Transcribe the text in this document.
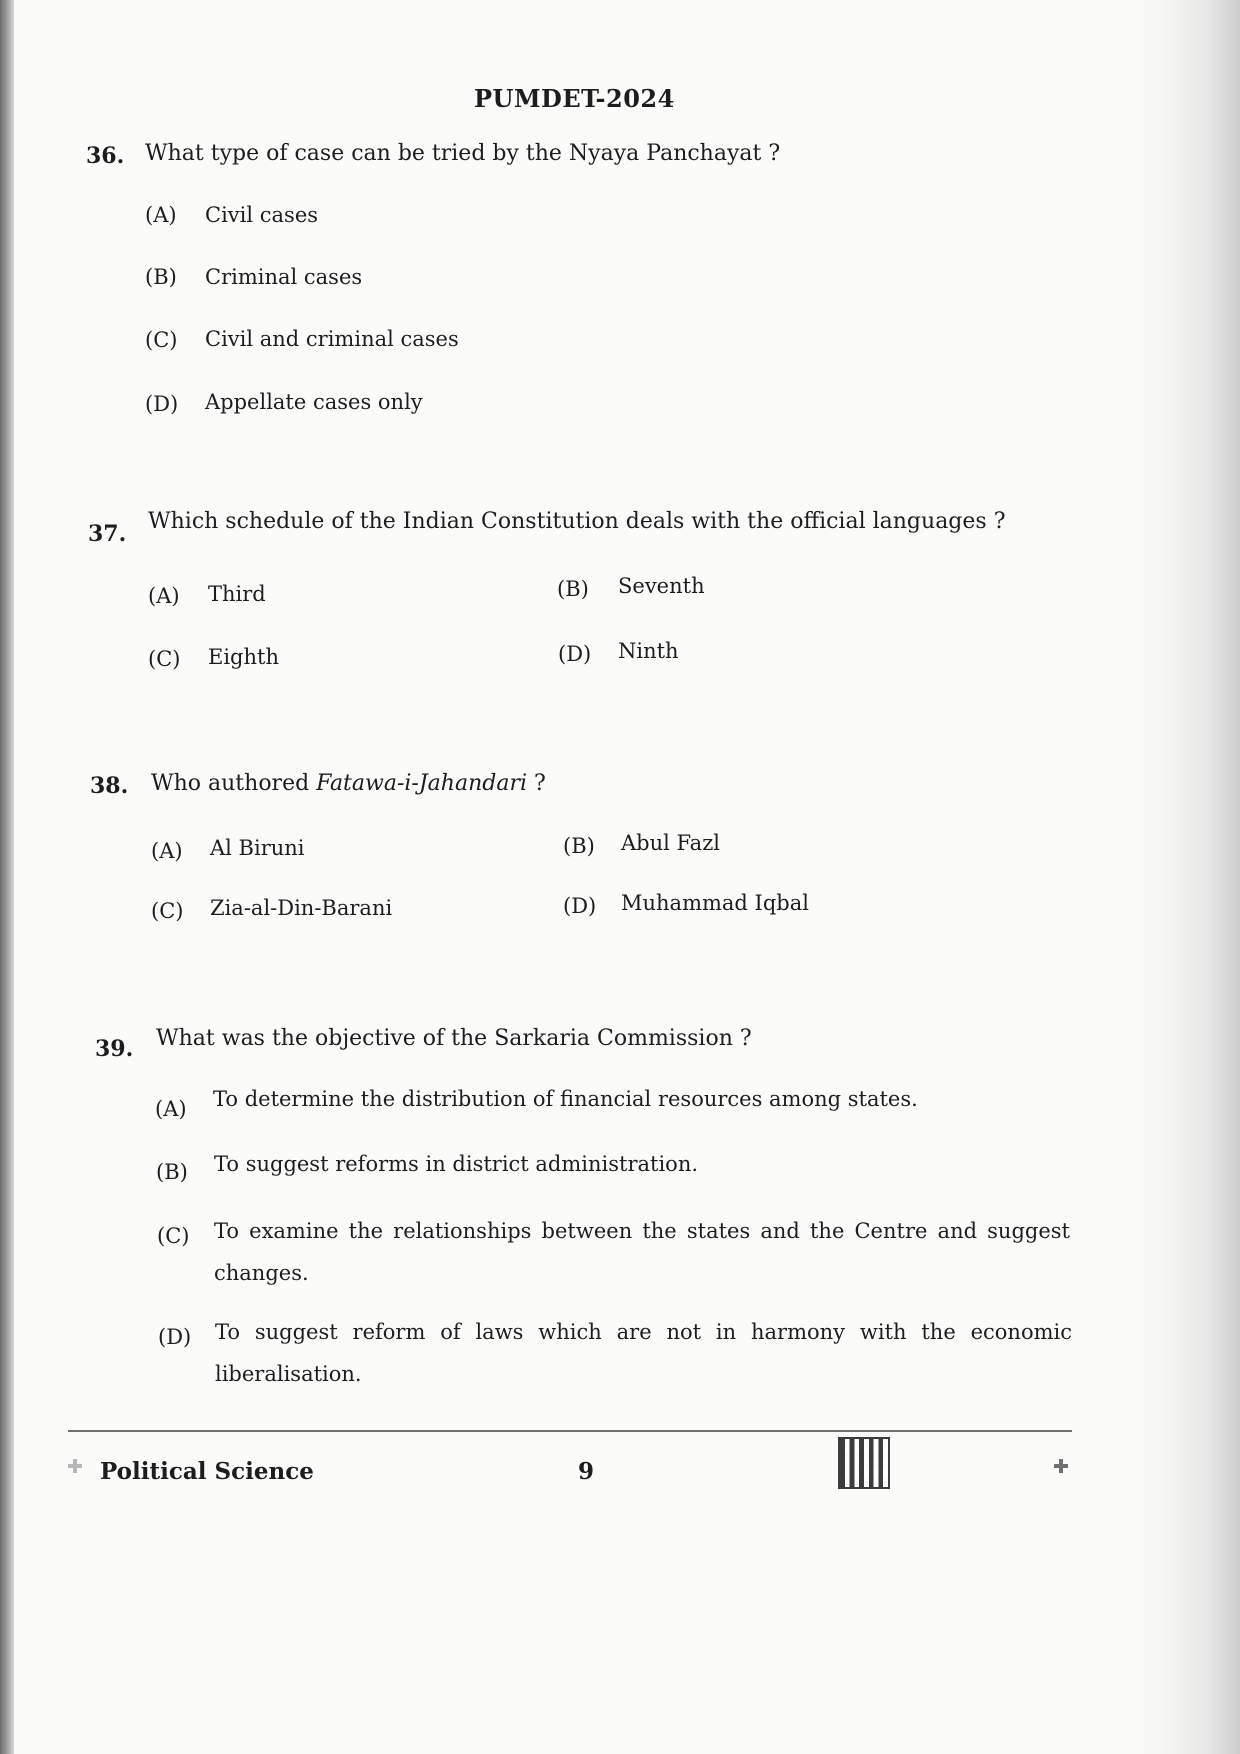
PUMDET-2024
36. What type of case can be tried by the Nyaya Panchayat ?
(A) Civil cases
(B) Criminal cases
(C) Civil and criminal cases
(D) Appellate cases only
37. Which schedule of the Indian Constitution deals with the official languages ?
(A) Third	(B) Seventh
(C) Eighth	(D) Ninth
38. Who authored Fatawa-i-Jahandari ?
(A) Al Biruni	(B) Abul Fazl
(C) Zia-al-Din-Barani	(D) Muhammad Iqbal
39. What was the objective of the Sarkaria Commission ?
(A) To determine the distribution of financial resources among states.
(B) To suggest reforms in district administration.
(C) To examine the relationships between the states and the Centre and suggest changes.
(D) To suggest reform of laws which are not in harmony with the economic liberalisation.
Political Science	9
